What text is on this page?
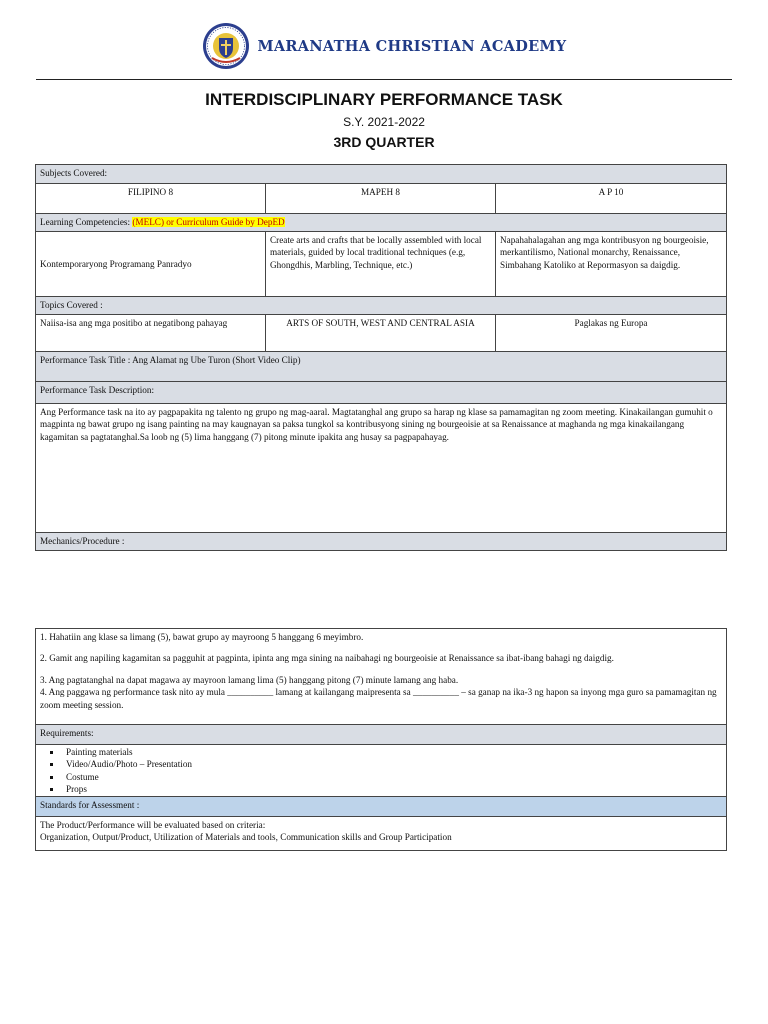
MARANATHA CHRISTIAN ACADEMY
INTERDISCIPLINARY PERFORMANCE TASK
S.Y. 2021-2022
3RD QUARTER
Subjects Covered:		
FILIPINO 8	MAPEH 8	A P 10
Learning Competencies: (MELC) or Curriculum Guide by DepED		
Kontemporaryong Programang Panradyo	Create arts and crafts that be locally assembled with local materials, guided by local traditional techniques (e.g, Ghongdhis, Marbling, Technique, etc.)	Napahahalagahan ang mga kontribusyon ng bourgeoisie, merkantilismo, National monarchy, Renaissance, Simbahang Katoliko at Repormasyon sa daigdig.
Topics Covered :		
Naiisa-isa ang mga positibo at negatibong pahayag	ARTS OF SOUTH, WEST AND CENTRAL ASIA	Paglakas ng Europa
Performance Task Title : Ang Alamat ng Ube Turon (Short Video Clip)		
Performance Task Description:		
Ang Performance task na ito ay pagpapakita ng talento ng grupo ng mag-aaral. Magtatanghal ang grupo sa harap ng klase sa pamamagitan ng zoom meeting. Kinakailangan gumuhit o magpinta ng bawat grupo ng isang painting na may kaugnayan sa paksa tungkol sa kontribusyong sining ng bourgeoisie at sa Renaissance at maghanda ng mga kinakailangang kagamitan sa pagtatanghal.Sa loob ng (5) lima hanggang (7) pitong minute ipakita ang husay sa pagpapahayag.		
Mechanics/Procedure :		

1. Hahatiin ang klase sa limang (5), bawat grupo ay mayroong 5 hanggang 6 meyimbro.

2. Gamit ang napiling kagamitan sa pagguhit at pagpinta, ipinta ang mga sining na naibahagi ng bourgeoisie at Renaissance sa ibat-ibang bahagi ng daigdig.

3. Ang pagtatanghal na dapat magawa ay mayroon lamang lima (5) hanggang pitong (7) minute lamang ang haba.

4. Ang paggawa ng performance task nito ay mula __________ lamang at kailangang maipresenta sa __________ – sa ganap na ika-3 ng hapon sa inyong mga guro sa pamamagitan ng zoom meeting session.

Requirements:

▪ Painting materials
▪ Video/Audio/Photo – Presentation
▪ Costume
▪ Props

Standards for Assessment :

The Product/Performance will be evaluated based on criteria:
Organization, Output/Product, Utilization of Materials and tools, Communication skills and Group Participation
